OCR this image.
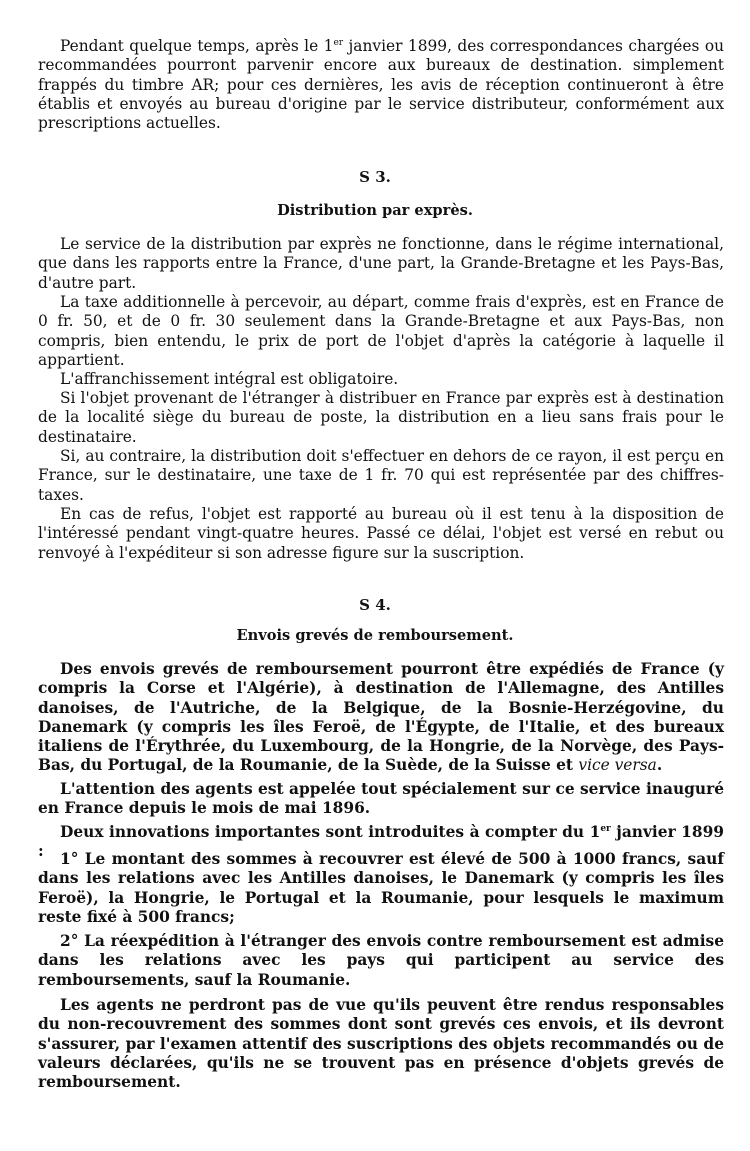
Pendant quelque temps, après le 1er janvier 1899, des correspondances chargées ou recommandées pourront parvenir encore aux bureaux de destination. simplement frappés du timbre AR; pour ces dernières, les avis de réception continueront à être établis et envoyés au bureau d'origine par le service distributeur, conformément aux prescriptions actuelles.

S 3.
Distribution par exprès.

Le service de la distribution par exprès ne fonctionne, dans le régime international, que dans les rapports entre la France, d'une part, la Grande-Bretagne et les Pays-Bas, d'autre part.

La taxe additionnelle à percevoir, au départ, comme frais d'exprès, est en France de 0 fr. 50, et de 0 fr. 30 seulement dans la Grande-Bretagne et aux Pays-Bas, non compris, bien entendu, le prix de port de l'objet d'après la catégorie à laquelle il appartient.

L'affranchissement intégral est obligatoire.

Si l'objet provenant de l'étranger à distribuer en France par exprès est à destination de la localité siège du bureau de poste, la distribution en a lieu sans frais pour le destinataire.

Si, au contraire, la distribution doit s'effectuer en dehors de ce rayon, il est perçu en France, sur le destinataire, une taxe de 1 fr. 70 qui est représentée par des chiffres-taxes.

En cas de refus, l'objet est rapporté au bureau où il est tenu à la disposition de l'intéressé pendant vingt-quatre heures. Passé ce délai, l'objet est versé en rebut ou renvoyé à l'expéditeur si son adresse figure sur la suscription.

S 4.
Envois grevés de remboursement.

Des envois grevés de remboursement pourront être expédiés de France (y compris la Corse et l'Algérie), à destination de l'Allemagne, des Antilles danoises, de l'Autriche, de la Belgique, de la Bosnie-Herzégovine, du Danemark (y compris les îles Feroë, de l'Égypte, de l'Italie, et des bureaux italiens de l'Érythrée, du Luxembourg, de la Hongrie, de la Norvège, des Pays-Bas, du Portugal, de la Roumanie, de la Suède, de la Suisse et vice versa.

L'attention des agents est appelée tout spécialement sur ce service inauguré en France depuis le mois de mai 1896.

Deux innovations importantes sont introduites à compter du 1er janvier 1899 :	1° Le montant des sommes à recouvrer est élevé de 500 à 1000 francs, sauf dans les relations avec les Antilles danoises, le Danemark (y compris les îles Feroë), la Hongrie, le Portugal et la Roumanie, pour lesquels le maximum reste fixé à 500 francs;

2° La réexpédition à l'étranger des envois contre remboursement est admise dans les relations avec les pays qui participent au service des remboursements, sauf la Roumanie.

Les agents ne perdront pas de vue qu'ils peuvent être rendus responsables du non-recouvrement des sommes dont sont grevés ces envois, et ils devront s'assurer, par l'examen attentif des suscriptions des objets recommandés ou de valeurs déclarées, qu'ils ne se trouvent pas en présence d'objets grevés de remboursement.
